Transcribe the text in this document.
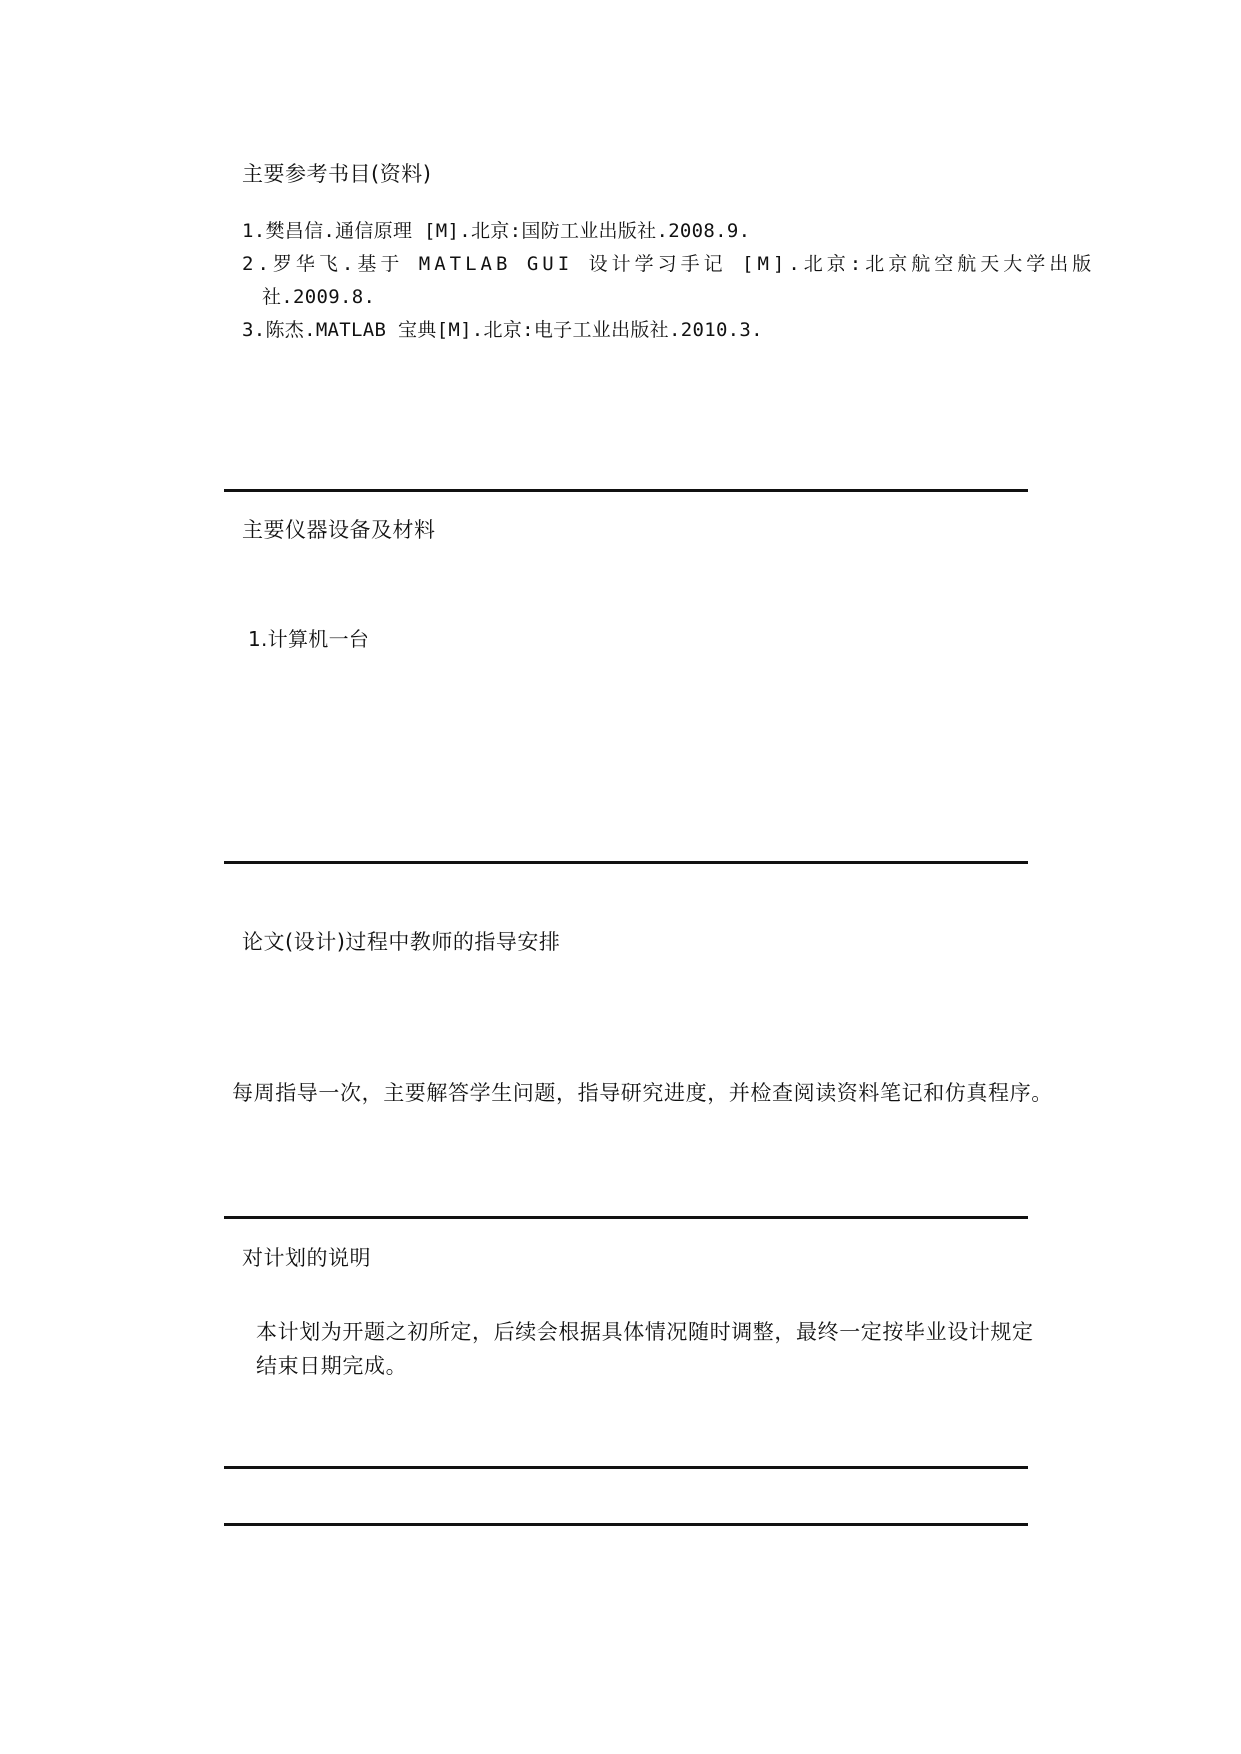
主要参考书目(资料)
1.樊昌信.通信原理 [M].北京:国防工业出版社.2008.9.
2.罗华飞.基于 MATLAB GUI 设计学习手记 [M].北京:北京航空航天大学出版
社.2009.8.
3.陈杰.MATLAB 宝典[M].北京:电子工业出版社.2010.3.
主要仪器设备及材料
1.计算机一台
论文(设计)过程中教师的指导安排
每周指导一次，主要解答学生问题，指导研究进度，并检查阅读资料笔记和仿真程序。
对计划的说明
本计划为开题之初所定，后续会根据具体情况随时调整，最终一定按毕业设计规定
结束日期完成。
